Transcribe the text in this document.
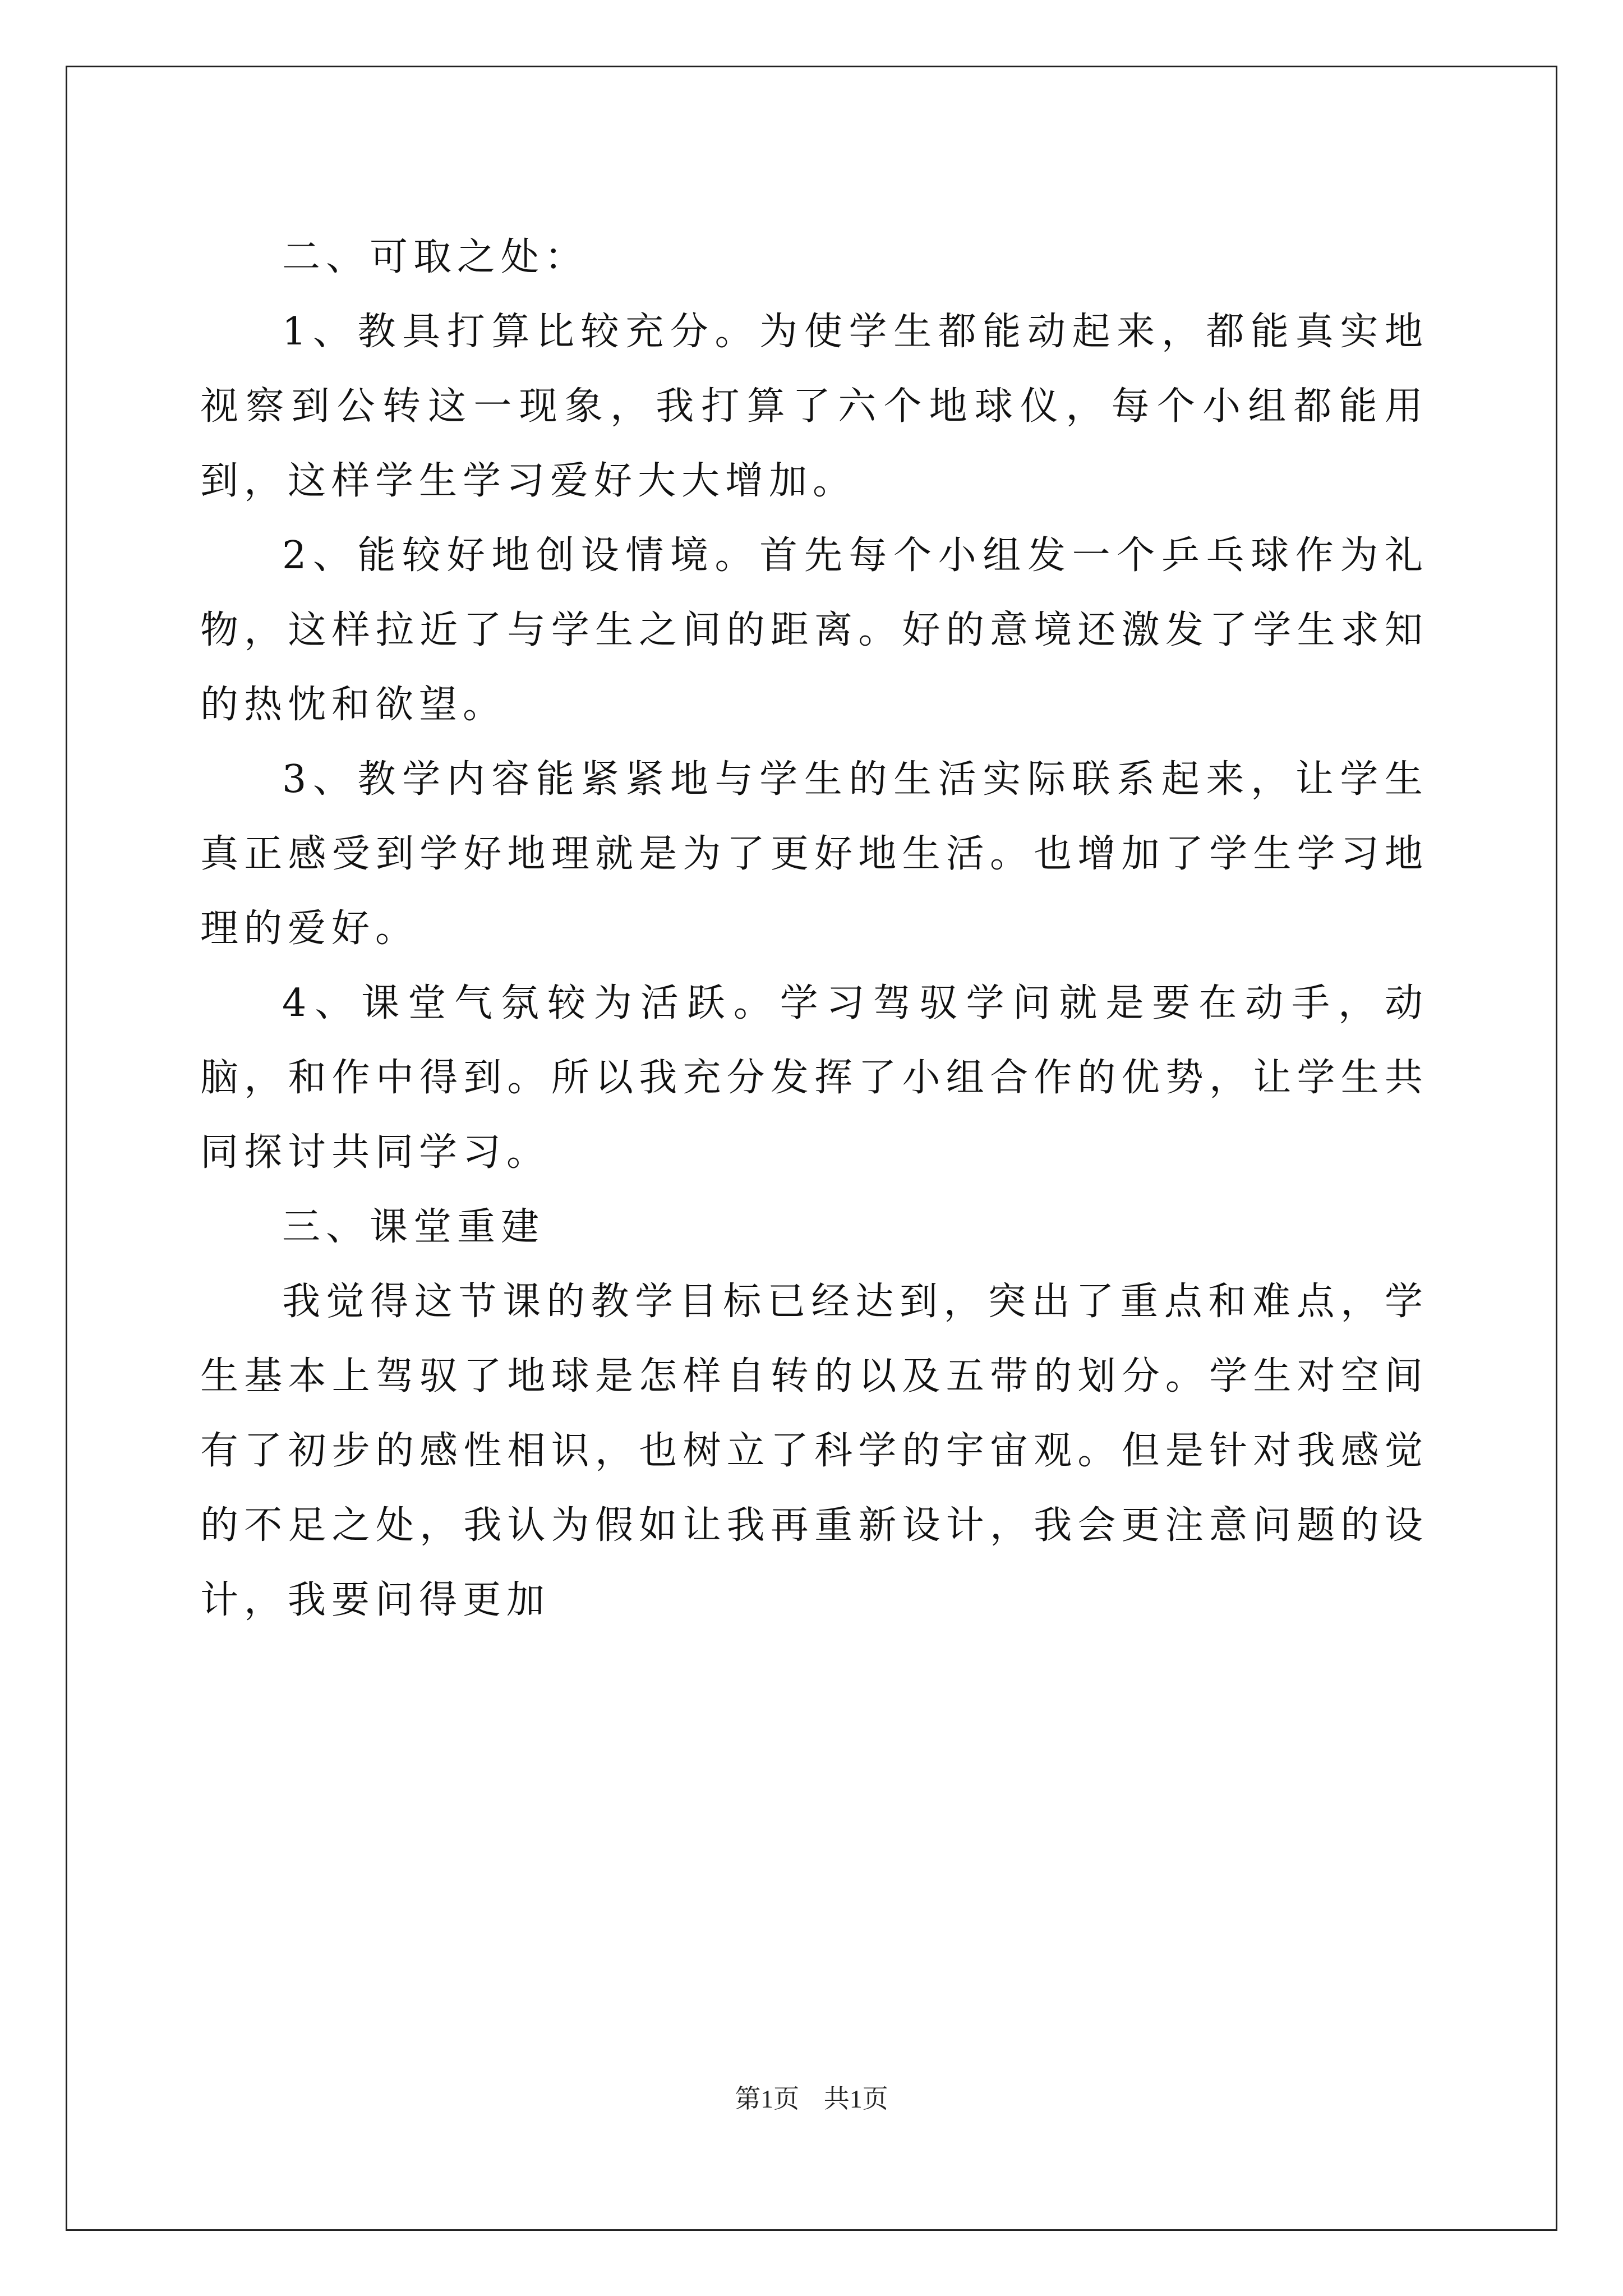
二、可取之处：

1、教具打算比较充分。为使学生都能动起来，都能真实地视察到公转这一现象，我打算了六个地球仪，每个小组都能用到，这样学生学习爱好大大增加。

2、能较好地创设情境。首先每个小组发一个乒乓球作为礼物，这样拉近了与学生之间的距离。好的意境还激发了学生求知的热忱和欲望。

3、教学内容能紧紧地与学生的生活实际联系起来，让学生真正感受到学好地理就是为了更好地生活。也增加了学生学习地理的爱好。

4、课堂气氛较为活跃。学习驾驭学问就是要在动手，动脑，和作中得到。所以我充分发挥了小组合作的优势，让学生共同探讨共同学习。

三、课堂重建

我觉得这节课的教学目标已经达到，突出了重点和难点，学生基本上驾驭了地球是怎样自转的以及五带的划分。学生对空间有了初步的感性相识，也树立了科学的宇宙观。但是针对我感觉的不足之处，我认为假如让我再重新设计，我会更注意问题的设计，我要问得更加

第1页 共1页
